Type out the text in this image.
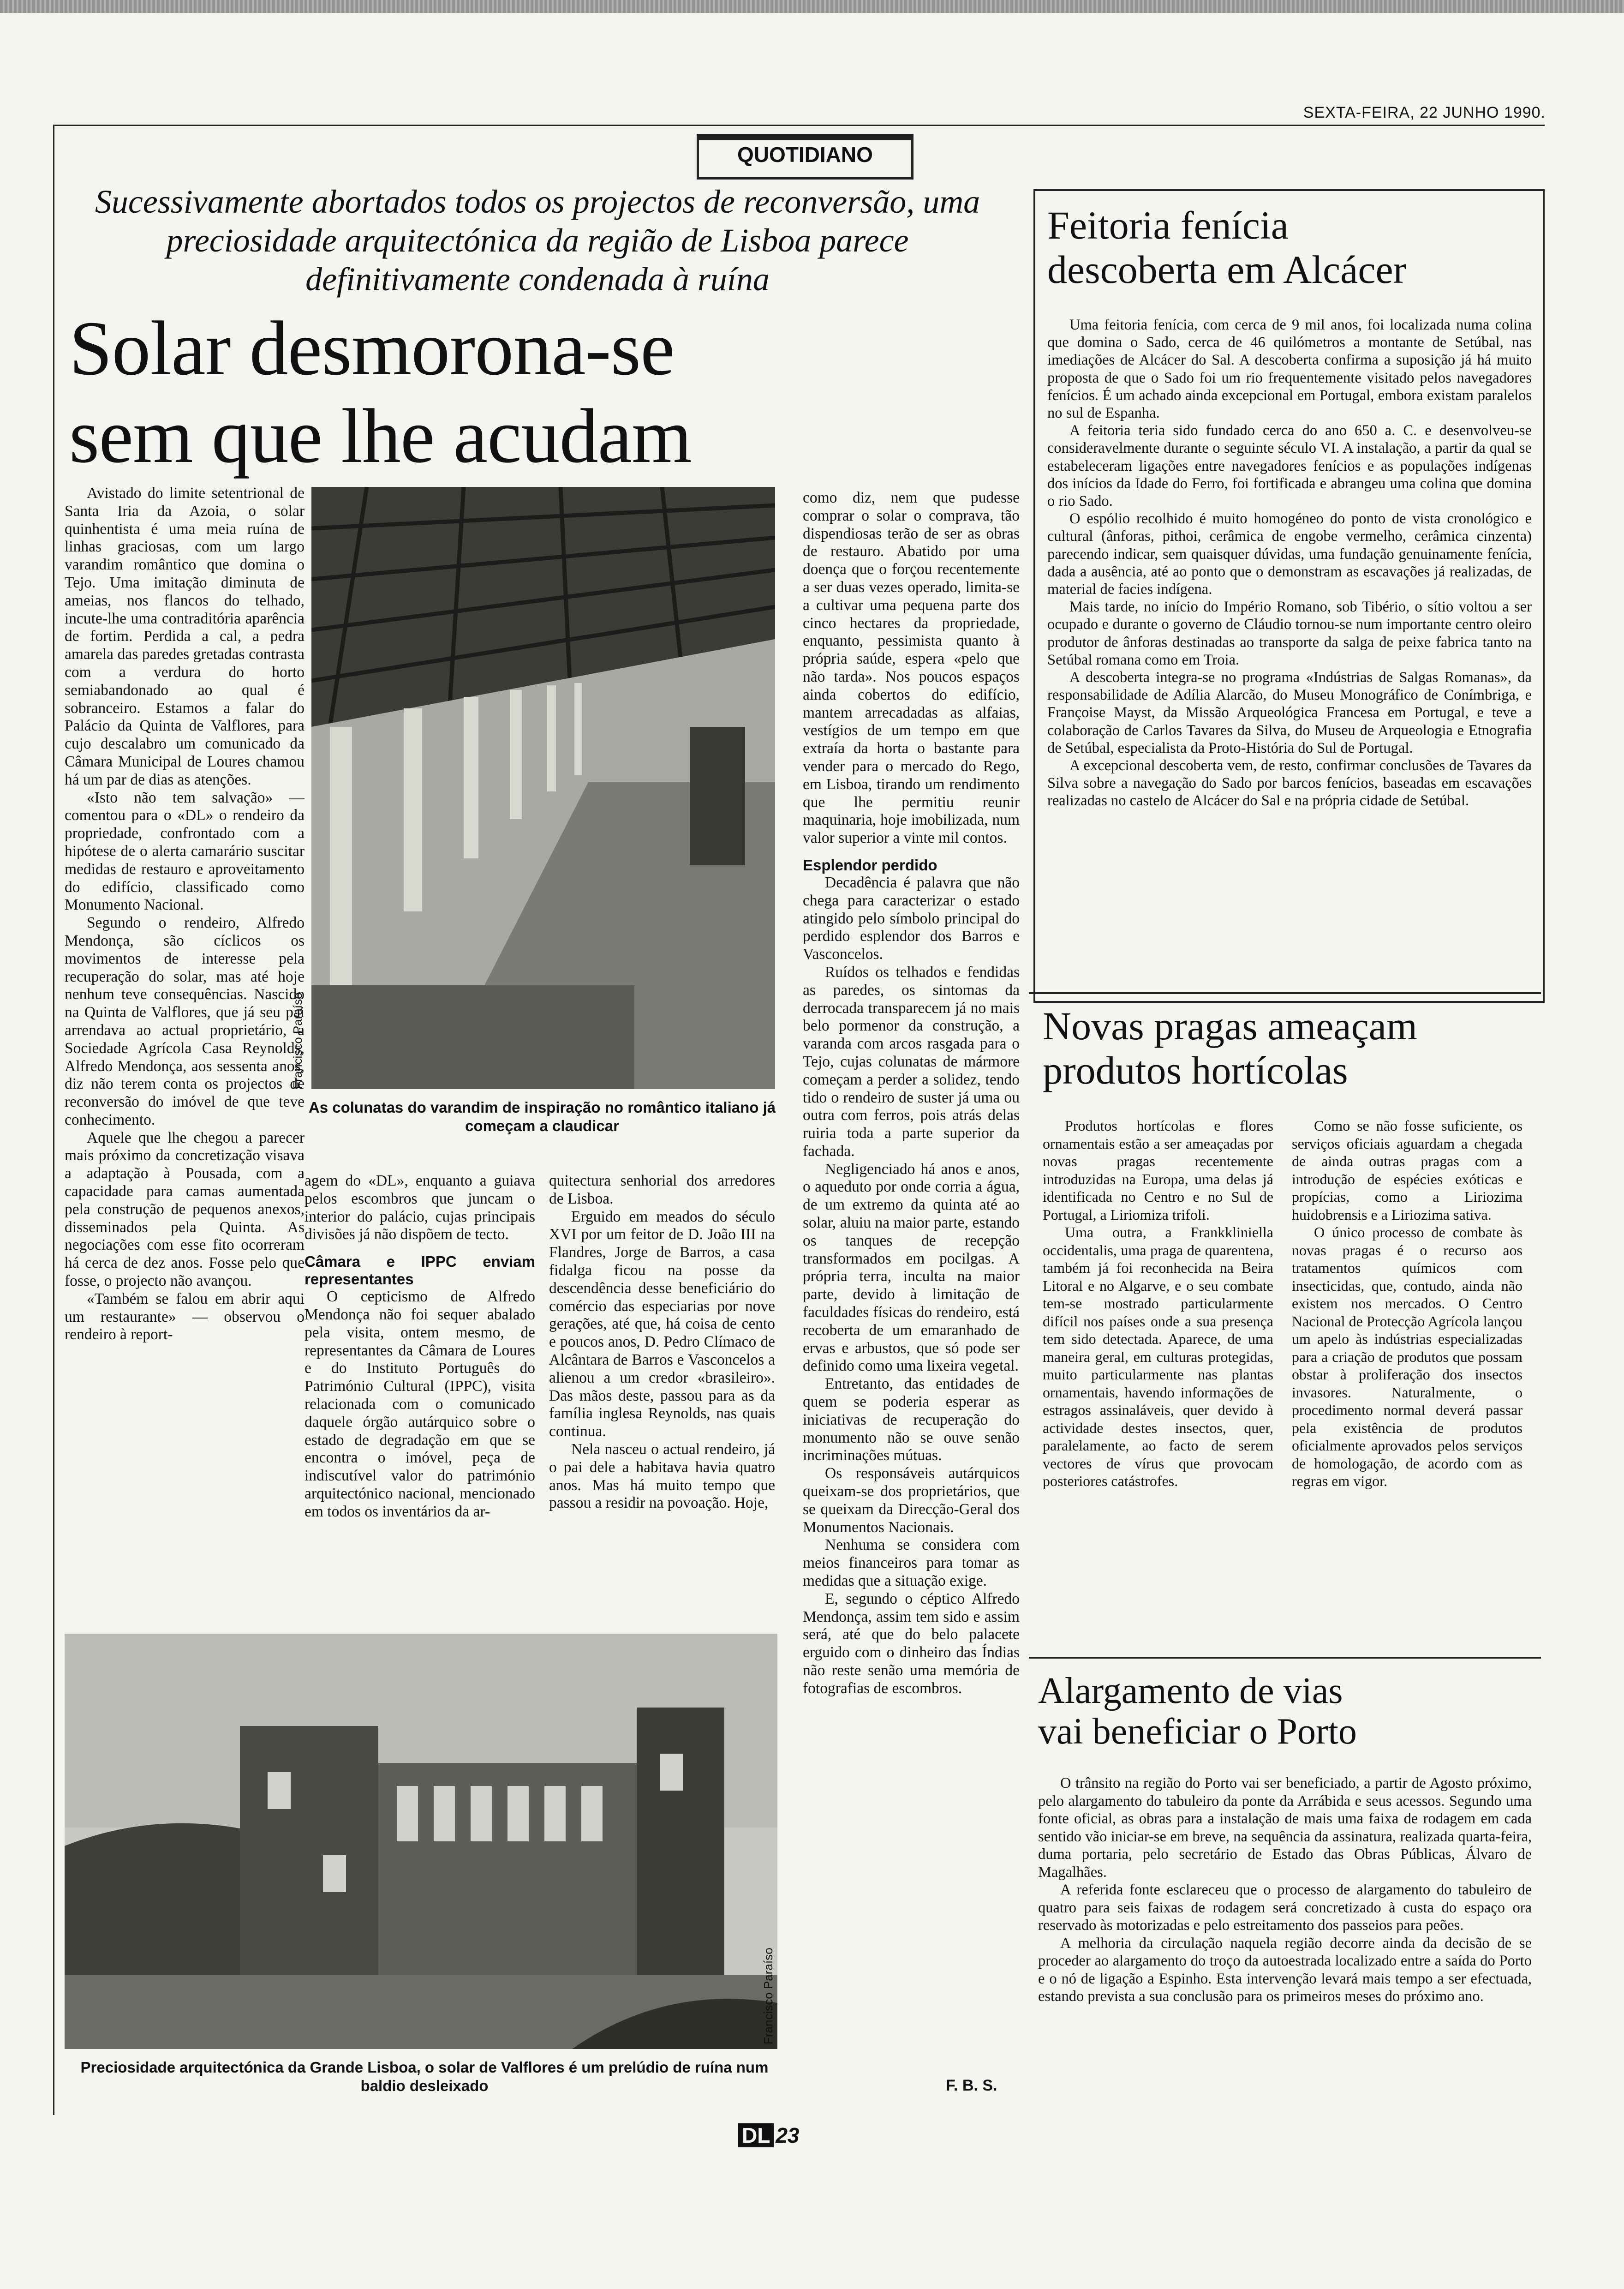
SEXTA-FEIRA, 22 JUNHO 1990.
QUOTIDIANO
Sucessivamente abortados todos os projectos de reconversão, uma preciosidade arquitectónica da região de Lisboa parece definitivamente condenada à ruína
Solar desmorona-se
sem que lhe acudam
Francisco Paraíso
As colunatas do varandim de inspiração no romântico italiano já começam a claudicar

Avistado do limite setentrional de Santa Iria da Azoia, o solar quinhentista é uma meia ruína de linhas graciosas, com um largo varandim romântico que domina o Tejo. Uma imitação diminuta de ameias, nos flancos do telhado, incute-lhe uma contraditória aparência de fortim. Perdida a cal, a pedra amarela das paredes gretadas contrasta com a verdura do horto semiabandonado ao qual é sobranceiro. Estamos a falar do Palácio da Quinta de Valflores, para cujo descalabro um comunicado da Câmara Municipal de Loures chamou há um par de dias as atenções.

«Isto não tem salvação» — comentou para o «DL» o rendeiro da propriedade, confrontado com a hipótese de o alerta camarário suscitar medidas de restauro e aproveitamento do edifício, classificado como Monumento Nacional.

Segundo o rendeiro, Alfredo Mendonça, são cíclicos os movimentos de interesse pela recuperação do solar, mas até hoje nenhum teve consequências. Nascido na Quinta de Valflores, que já seu pai arrendava ao actual proprietário, a Sociedade Agrícola Casa Reynolds, Alfredo Mendonça, aos sessenta anos, diz não terem conta os projectos de reconversão do imóvel de que teve conhecimento.

Aquele que lhe chegou a parecer mais próximo da concretização visava a adaptação à Pousada, com a capacidade para camas aumentada pela construção de pequenos anexos, disseminados pela Quinta. As negociações com esse fito ocorreram há cerca de dez anos. Fosse pelo que fosse, o projecto não avançou.

«Também se falou em abrir aqui um restaurante» — observou o rendeiro à report-

agem do «DL», enquanto a guiava pelos escombros que juncam o interior do palácio, cujas principais divisões já não dispõem de tecto.

Câmara e IPPC enviam representantes

O cepticismo de Alfredo Mendonça não foi sequer abalado pela visita, ontem mesmo, de representantes da Câmara de Loures e do Instituto Português do Património Cultural (IPPC), visita relacionada com o comunicado daquele órgão autárquico sobre o estado de degradação em que se encontra o imóvel, peça de indiscutível valor do património arquitectónico nacional, mencionado em todos os inventários da ar-

quitectura senhorial dos arredores de Lisboa.

Erguido em meados do século XVI por um feitor de D. João III na Flandres, Jorge de Barros, a casa fidalga ficou na posse da descendência desse beneficiário do comércio das especiarias por nove gerações, até que, há coisa de cento e poucos anos, D. Pedro Clímaco de Alcântara de Barros e Vasconcelos a alienou a um credor «brasileiro». Das mãos deste, passou para as da família inglesa Reynolds, nas quais continua.

Nela nasceu o actual rendeiro, já o pai dele a habitava havia quatro anos. Mas há muito tempo que passou a residir na povoação. Hoje,

como diz, nem que pudesse comprar o solar o comprava, tão dispendiosas terão de ser as obras de restauro. Abatido por uma doença que o forçou recentemente a ser duas vezes operado, limita-se a cultivar uma pequena parte dos cinco hectares da propriedade, enquanto, pessimista quanto à própria saúde, espera «pelo que não tarda». Nos poucos espaços ainda cobertos do edifício, mantem arrecadadas as alfaias, vestígios de um tempo em que extraía da horta o bastante para vender para o mercado do Rego, em Lisboa, tirando um rendimento que lhe permitiu reunir maquinaria, hoje imobilizada, num valor superior a vinte mil contos.

Esplendor perdido

Decadência é palavra que não chega para caracterizar o estado atingido pelo símbolo principal do perdido esplendor dos Barros e Vasconcelos.

Ruídos os telhados e fendidas as paredes, os sintomas da derrocada transparecem já no mais belo pormenor da construção, a varanda com arcos rasgada para o Tejo, cujas colunatas de mármore começam a perder a solidez, tendo tido o rendeiro de suster já uma ou outra com ferros, pois atrás delas ruiria toda a parte superior da fachada.

Negligenciado há anos e anos, o aqueduto por onde corria a água, de um extremo da quinta até ao solar, aluiu na maior parte, estando os tanques de recepção transformados em pocilgas. A própria terra, inculta na maior parte, devido à limitação de faculdades físicas do rendeiro, está recoberta de um emaranhado de ervas e arbustos, que só pode ser definido como uma lixeira vegetal.

Entretanto, das entidades de quem se poderia esperar as iniciativas de recuperação do monumento não se ouve senão incriminações mútuas.

Os responsáveis autárquicos queixam-se dos proprietários, que se queixam da Direcção-Geral dos Monumentos Nacionais.

Nenhuma se considera com meios financeiros para tomar as medidas que a situação exige.

E, segundo o céptico Alfredo Mendonça, assim tem sido e assim será, até que do belo palacete erguido com o dinheiro das Índias não reste senão uma memória de fotografias de escombros.

F. B. S.
Francisco Paraíso
Preciosidade arquitectónica da Grande Lisboa, o solar de Valflores é um prelúdio de ruína num baldio desleixado
Feitoria fenícia
descoberta em Alcácer

Uma feitoria fenícia, com cerca de 9 mil anos, foi localizada numa colina que domina o Sado, cerca de 46 quilómetros a montante de Setúbal, nas imediações de Alcácer do Sal. A descoberta confirma a suposição já há muito proposta de que o Sado foi um rio frequentemente visitado pelos navegadores fenícios. É um achado ainda excepcional em Portugal, embora existam paralelos no sul de Espanha.

A feitoria teria sido fundado cerca do ano 650 a. C. e desenvolveu-se consideravelmente durante o seguinte século VI. A instalação, a partir da qual se estabeleceram ligações entre navegadores fenícios e as populações indígenas dos inícios da Idade do Ferro, foi fortificada e abrangeu uma colina que domina o rio Sado.

O espólio recolhido é muito homogéneo do ponto de vista cronológico e cultural (ânforas, pithoi, cerâmica de engobe vermelho, cerâmica cinzenta) parecendo indicar, sem quaisquer dúvidas, uma fundação genuinamente fenícia, dada a ausência, até ao ponto que o demonstram as escavações já realizadas, de material de facies indígena.

Mais tarde, no início do Império Romano, sob Tibério, o sítio voltou a ser ocupado e durante o governo de Cláudio tornou-se num importante centro oleiro produtor de ânforas destinadas ao transporte da salga de peixe fabrica tanto na Setúbal romana como em Troia.

A descoberta integra-se no programa «Indústrias de Salgas Romanas», da responsabilidade de Adília Alarcão, do Museu Monográfico de Conímbriga, e Françoise Mayst, da Missão Arqueológica Francesa em Portugal, e teve a colaboração de Carlos Tavares da Silva, do Museu de Arqueologia e Etnografia de Setúbal, especialista da Proto-História do Sul de Portugal.

A excepcional descoberta vem, de resto, confirmar conclusões de Tavares da Silva sobre a navegação do Sado por barcos fenícios, baseadas em escavações realizadas no castelo de Alcácer do Sal e na própria cidade de Setúbal.

Novas pragas ameaçam
produtos hortícolas

Produtos hortícolas e flores ornamentais estão a ser ameaçadas por novas pragas recentemente introduzidas na Europa, uma delas já identificada no Centro e no Sul de Portugal, a Liriomiza trifoli.

Uma outra, a Frankkliniella occidentalis, uma praga de quarentena, também já foi reconhecida na Beira Litoral e no Algarve, e o seu combate tem-se mostrado particularmente difícil nos países onde a sua presença tem sido detectada. Aparece, de uma maneira geral, em culturas protegidas, muito particularmente nas plantas ornamentais, havendo informações de estragos assinaláveis, quer devido à actividade destes insectos, quer, paralelamente, ao facto de serem vectores de vírus que provocam posteriores catástrofes.

Como se não fosse suficiente, os serviços oficiais aguardam a chegada de ainda outras pragas com a introdução de espécies exóticas e propícias, como a Liriozima huidobrensis e a Liriozima sativa.

O único processo de combate às novas pragas é o recurso aos tratamentos químicos com insecticidas, que, contudo, ainda não existem nos mercados. O Centro Nacional de Protecção Agrícola lançou um apelo às indústrias especializadas para a criação de produtos que possam obstar à proliferação dos insectos invasores. Naturalmente, o procedimento normal deverá passar pela existência de produtos oficialmente aprovados pelos serviços de homologação, de acordo com as regras em vigor.

Alargamento de vias
vai beneficiar o Porto

O trânsito na região do Porto vai ser beneficiado, a partir de Agosto próximo, pelo alargamento do tabuleiro da ponte da Arrábida e seus acessos. Segundo uma fonte oficial, as obras para a instalação de mais uma faixa de rodagem em cada sentido vão iniciar-se em breve, na sequência da assinatura, realizada quarta-feira, duma portaria, pelo secretário de Estado das Obras Públicas, Álvaro de Magalhães.

A referida fonte esclareceu que o processo de alargamento do tabuleiro de quatro para seis faixas de rodagem será concretizado à custa do espaço ora reservado às motorizadas e pelo estreitamento dos passeios para peões.

A melhoria da circulação naquela região decorre ainda da decisão de se proceder ao alargamento do troço da autoestrada localizado entre a saída do Porto e o nó de ligação a Espinho. Esta intervenção levará mais tempo a ser efectuada, estando prevista a sua conclusão para os primeiros meses do próximo ano.

DL 23
